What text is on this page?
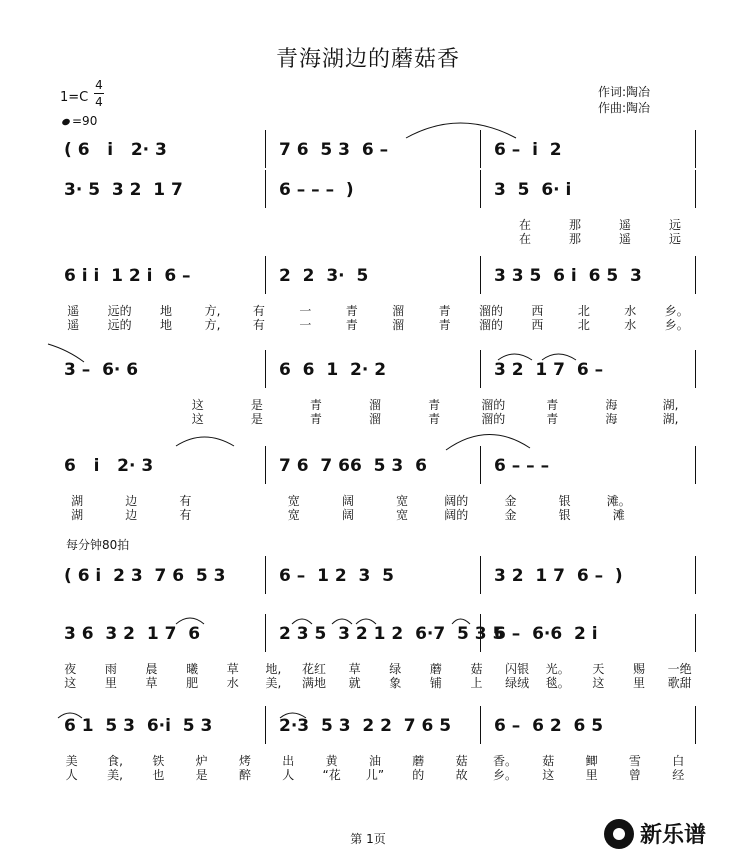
青海湖边的蘑菇香
1=C
4
4
=90
作词:陶冶
作曲:陶冶
每分钟80拍
( 6   i   2· 3	7 6  5 3  6 –	6 –  i  2
3· 5  3 2  1 7	6 – – –  )	3  5  6· i
在	那	遥	远
在	那	遥	远
6 i i  1 2 i  6 –	2  2  3·  5	3 3 5  6 i  6 5  3
遥	远的	地	方,	有	一	青	溜	青	溜的	西	北	水	乡。
遥	远的	地	方,	有	一	青	溜	青	溜的	西	北	水	乡。
3 –  6· 6	6  6  1  2· 2	3 2  1 7  6 –
这	是	青	溜	青	溜的	青	海	湖,
这	是	青	溜	青	溜的	青	海	湖,
6   i   2· 3	7 6  7 66  5 3  6	6 – – –
湖	边	有	宽	阔	宽	阔的	金	银	滩。
湖	边	有	宽	阔	宽	阔的	金	银	滩
( 6 i  2 3  7 6  5 3	6 –  1 2  3  5	3 2  1 7  6 –  )
3 6  3 2  1 7  6	2 3 5  3 2 1 2  6·7  5 3 5
6 –  6·6  2 i
夜	雨	晨	曦	草	地,	花红	草	绿	蘑	菇	闪银	光。	天	赐	一绝
这	里	草	肥	水	美,	满地	就	象	铺	上	绿绒	毯。	这	里	歌甜
6 1  5 3  6·i  5 3	2·3  5 3  2 2  7 6 5	6 –  6 2  6 5
美	食,	铁	炉	烤	出	黄	油	蘑	菇	香。	菇	鲫	雪	白
人	美,	也	是	醉	人	“花	儿”	的	故	乡。	这	里	曾	经
第 1页	新乐谱
